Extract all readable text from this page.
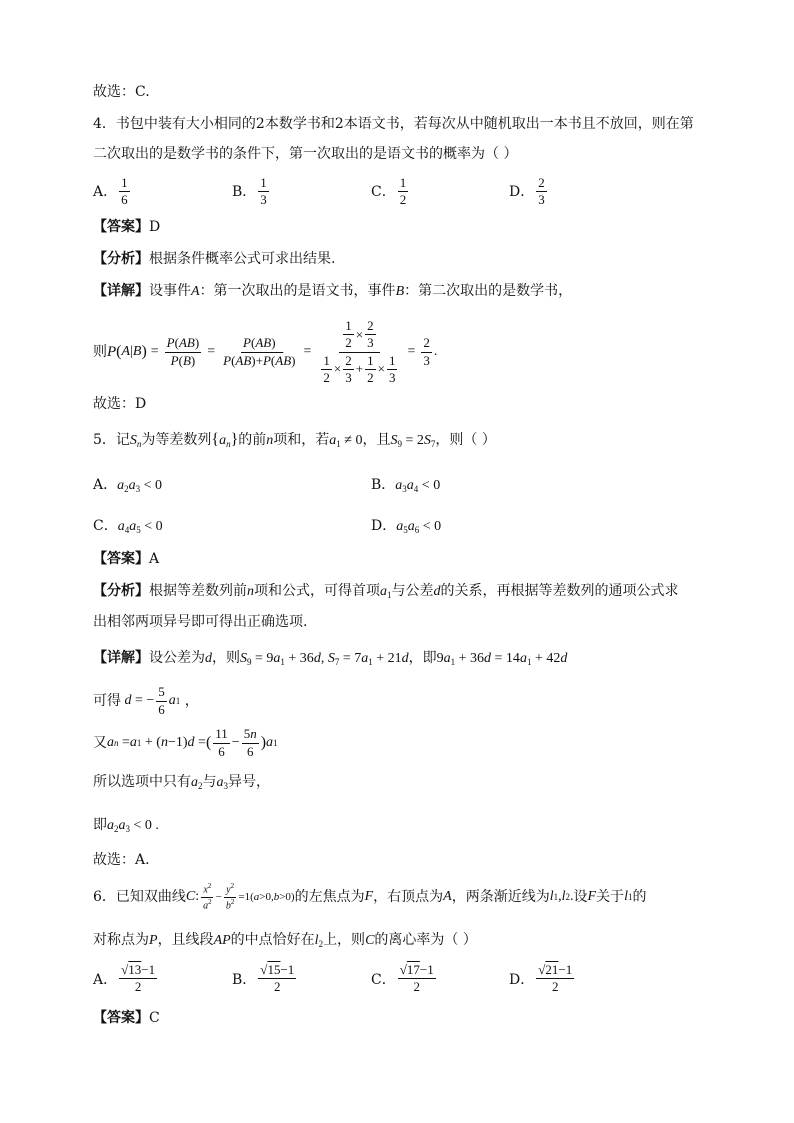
故选：C.
4．书包中装有大小相同的2本数学书和2本语文书，若每次从中随机取出一本书且不放回，则在第
二次取出的是数学书的条件下，第一次取出的是语文书的概率为（ ）
A． $\frac{1}{6}$	B． $\frac{1}{3}$	C． $\frac{1}{2}$	D． $\frac{2}{3}$
【答案】D
【分析】根据条件概率公式可求出结果.
【详解】设事件A：第一次取出的是语文书，事件B：第二次取出的是数学书，
则 P ( A | B ) = $\frac{P(AB)}{P(B)} = \frac{P(AB)}{P(AB)+P(\overline{A}B)} = \frac{\frac{1}{2} \times \frac{2}{3}}{\frac{1}{2} \times \frac{2}{3} + \frac{1}{2} \times \frac{1}{3}} = \frac{2}{3}$ .
故选：D
5．记$S_n$为等差数列$\{a_n\}$的前n项和，若$a_1 \ne 0$，且$S_9 = 2S_7$，则（ ）
A．$a_2a_3 < 0$	B．$a_3a_4 < 0$
C．$a_4a_5 < 0$	D．$a_5a_6 < 0$
【答案】A
【分析】根据等差数列前n项和公式，可得首项$a_1$与公差d的关系，再根据等差数列的通项公式求
出相邻两项异号即可得出正确选项.
【详解】设公差为d，则$S_9 = 9a_1 + 36d$, $S_7 = 7a_1 + 21d$，即$9a_1 + 36d = 14a_1 + 42d$
可得 d = − $\frac{5}{6}$ a 1 ，
又 a n = a 1 + ( n −1) d = ( $\frac{11}{6} - \frac{5n}{6}$ ) a 1
所以选项中只有$a_2$与$a_3$异号，
即$a_2a_3 < 0$ .
故选：A.
6．已知双曲线 C : $\frac{x^2}{a^2} - \frac{y^2}{b^2} =1(a>0,b>0)$ 的左焦点为 F ，右顶点为 A ，两条渐近线为 l 1 , l 2 . 设 F 关于 l 1 的
对称点为P，且线段AP的中点恰好在$l_2$上，则C的离心率为（ ）
A． $\frac{√13-1}{2}$	B． $\frac{√15-1}{2}$	C． $\frac{√17-1}{2}$	D． $\frac{√21-1}{2}$
【答案】C
